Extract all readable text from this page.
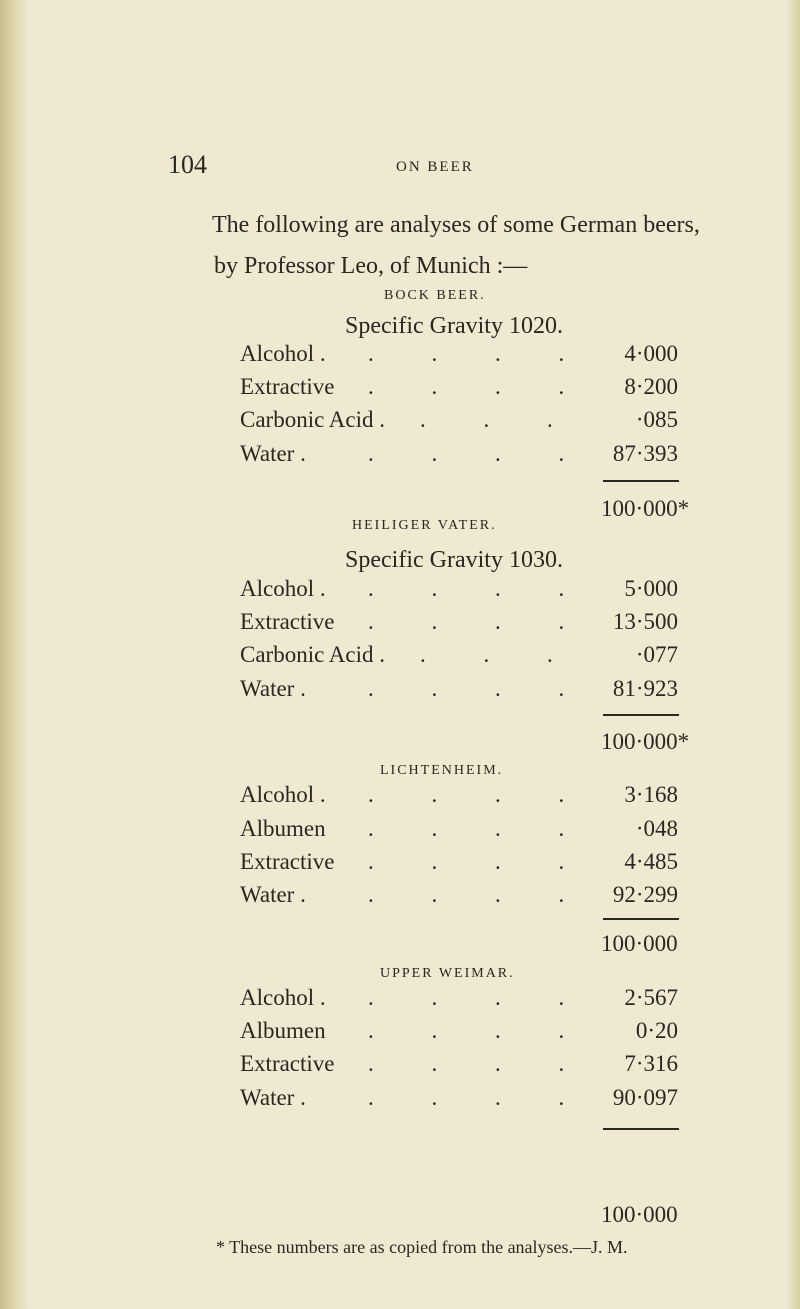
104	ON BEER
The following are analyses of some German beers,
by Professor Leo, of Munich :—
BOCK BEER.
Specific Gravity 1020.
Alcohol . . . . . 4·000
Extractive . . . . 8·200
Carbonic Acid . . . . ·085
Water .	. . . . 87·393
100·000*
HEILIGER VATER.
Specific Gravity 1030.
Alcohol . . . . . 5·000
Extractive . . . . 13·500
Carbonic Acid . . . . ·077
Water .	. . . . 81·923
100·000*
LICHTENHEIM.
Alcohol . . . . . 3·168
Albumen . . . . ·048
Extractive . . . . 4·485
Water .	. . . . 92·299
100·000
UPPER WEIMAR.
Alcohol . . . . . 2·567
Albumen . . . . 0·20
Extractive . . . . 7·316
Water .	. . . . 90·097
100·000
* These numbers are as copied from the analyses.—J. M.
